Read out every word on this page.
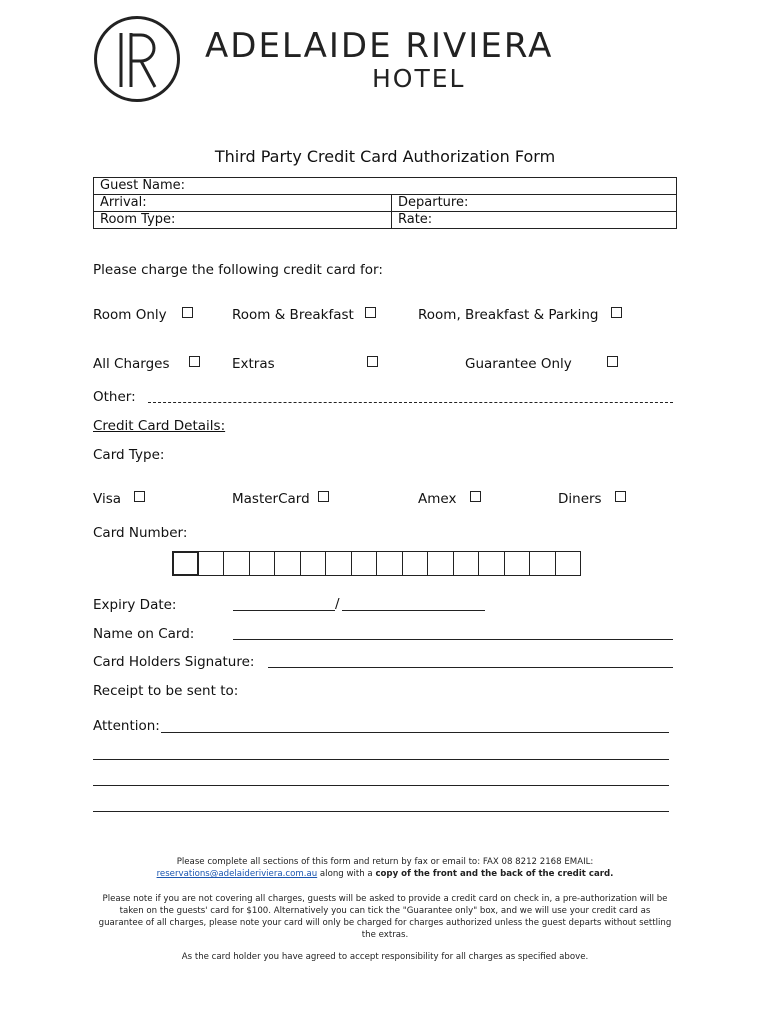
ADELAIDE RIVIERA
HOTEL
Third Party Credit Card Authorization Form
Guest Name:	
Arrival:	Departure:
Room Type:	Rate:
Please charge the following credit card for:
Room Only	Room & Breakfast	Room, Breakfast & Parking
All Charges	Extras	Guarantee Only
Other:
Credit Card Details:
Card Type:
Visa	MasterCard	Amex	Diners
Card Number:
Expiry Date:	/
Name on Card:
Card Holders Signature:
Receipt to be sent to:
Attention:
Please complete all sections of this form and return by fax or email to: FAX 08 8212 2168 EMAIL:
reservations@adelaideriviera.com.au along with a copy of the front and the back of the credit card.
Please note if you are not covering all charges, guests will be asked to provide a credit card on check in, a pre-authorization will be taken on the guests' card for $100. Alternatively you can tick the "Guarantee only" box, and we will use your credit card as guarantee of all charges, please note your card will only be charged for charges authorized unless the guest departs without settling the extras.
As the card holder you have agreed to accept responsibility for all charges as specified above.
